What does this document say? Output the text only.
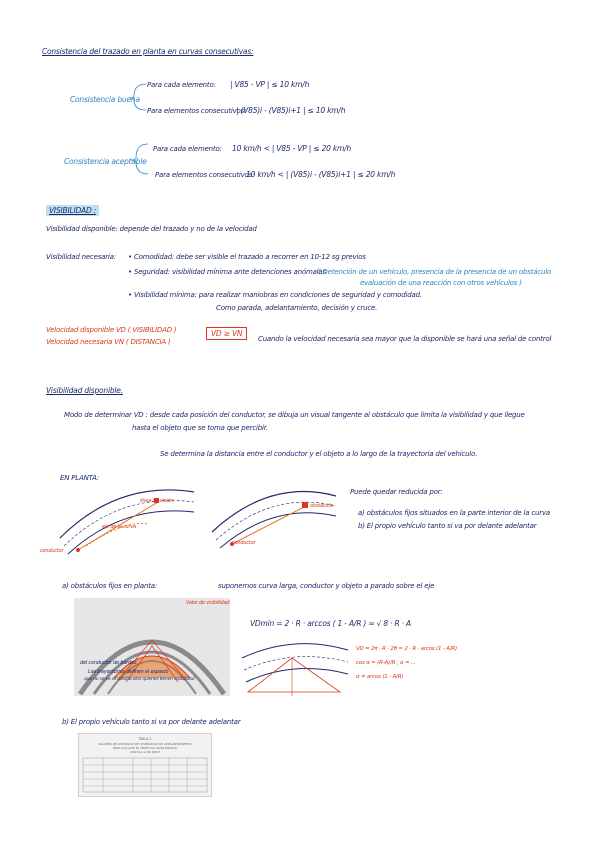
Consistencia del trazado en planta en curvas consecutivas:
Consistencia buena
Para cada elemento: | V85 - VP | ≤ 10 km/h
Para elementos consecutivos:
| (V85)i - (V85)i+1 | ≤ 10 km/h
Consistencia aceptable
Para cada elemento: 10 km/h < | V85 - VP | ≤ 20 km/h
Para elementos consecutivos:
10 km/h < | (V85)i - (V85)i+1 | ≤ 20 km/h
VISIBILIDAD :
Visibilidad disponible: depende del trazado y no de la velocidad
Visibilidad necesaria: • Comodidad: debe ser visible el trazado a recorrer en 10-12 sg previos
• Seguridad: visibilidad mínima ante detenciones anómalas
( Detención de un vehículo, presencia de la presencia de un obstáculo
evaluación de una reacción con otros vehículos )
• Visibilidad mínima: para realizar maniobras en condiciones de seguridad y comodidad.
Como parada, adelantamiento, decisión y cruce.
Velocidad disponible VD ( VISIBILIDAD )
Velocidad necesaria VN ( DISTANCIA )
VD ≥ VN
Cuando la velocidad necesaria sea mayor que la disponible se hará una señal de control
Visibilidad disponible.
Modo de determinar VD : desde cada posición del conductor, se dibuja un visual tangente al obstáculo que limita la visibilidad y que llegue
hasta el objeto que se toma que percibir.
Se determina la distancia entre el conductor y el objeto a lo largo de la trayectoria del vehículo.
EN PLANTA:
línea de visión
conductor
eje de la curva
obstáculo
conductor
Puede quedar reducida por:
a) obstáculos fijos situados en la parte interior de la curva
b) El propio vehículo tanto si va por delante adelantar
a) obstáculos fijos en planta:	suponemos curva larga, conductor y objeto a parado sobre el eje
Valor de visibilidad
del conductor de bordes
Las trayectorias definen el espacio
que no se ve sin obstáculos quienes tienen visibilidad
VDmin = 2 · R · arccos ( 1 - A/R ) ≈ √ 8 · R · A
VD = 2π · R · 2θ = 2 · R · arcos (1 - A/R)
cos α = (R-A)/R ; α = ...
α = arcos (1 - A/R)
b) El propio vehículo tanto si va por delante adelantar
TABLA 1
VALORES DE DISTANCIA DE VISIBILIDAD DE ADELANTAMIENTO
PARA LOS QUE EL VEHÍCULO ADELANTADO
CIRCULA A 80 KM/H
